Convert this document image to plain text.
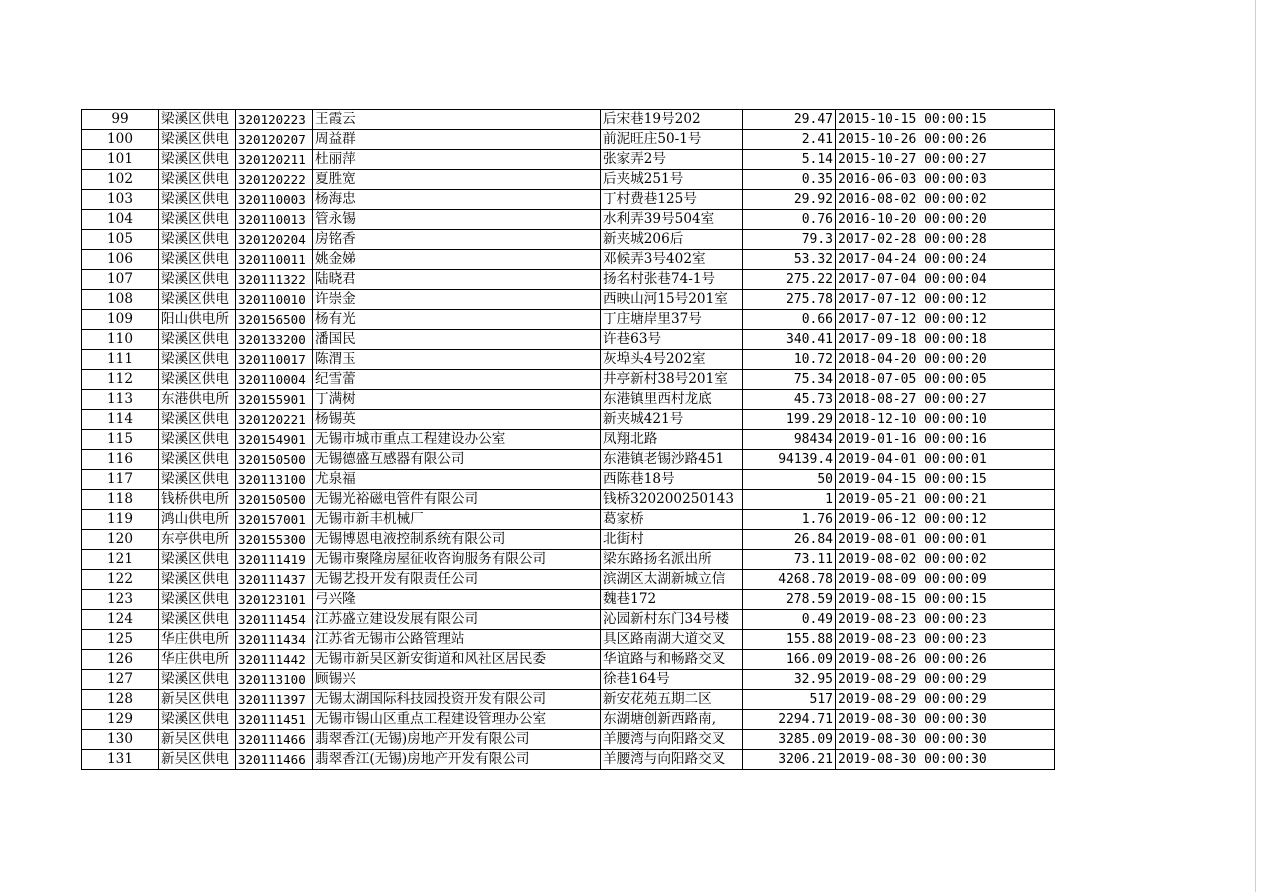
99	梁溪区供电	320120223	王霞云	后宋巷19号202	29.47	2015-10-15 00:00:15
100	梁溪区供电	320120207	周益群	前泥旺庄50-1号	2.41	2015-10-26 00:00:26
101	梁溪区供电	320120211	杜丽萍	张家弄2号	5.14	2015-10-27 00:00:27
102	梁溪区供电	320120222	夏胜宽	后夹城251号	0.35	2016-06-03 00:00:03
103	梁溪区供电	320110003	杨海忠	丁村费巷125号	29.92	2016-08-02 00:00:02
104	梁溪区供电	320110013	管永锡	水利弄39号504室	0.76	2016-10-20 00:00:20
105	梁溪区供电	320120204	房铭香	新夹城206后	79.3	2017-02-28 00:00:28
106	梁溪区供电	320110011	姚金娣	邓候弄3号402室	53.32	2017-04-24 00:00:24
107	梁溪区供电	320111322	陆晓君	扬名村张巷74-1号	275.22	2017-07-04 00:00:04
108	梁溪区供电	320110010	许崇金	西映山河15号201室	275.78	2017-07-12 00:00:12
109	阳山供电所	320156500	杨有光	丁庄塘岸里37号	0.66	2017-07-12 00:00:12
110	梁溪区供电	320133200	潘国民	许巷63号	340.41	2017-09-18 00:00:18
111	梁溪区供电	320110017	陈渭玉	灰埠头4号202室	10.72	2018-04-20 00:00:20
112	梁溪区供电	320110004	纪雪蕾	井亭新村38号201室	75.34	2018-07-05 00:00:05
113	东港供电所	320155901	丁满树	东港镇里西村龙底	45.73	2018-08-27 00:00:27
114	梁溪区供电	320120221	杨锡英	新夹城421号	199.29	2018-12-10 00:00:10
115	梁溪区供电	320154901	无锡市城市重点工程建设办公室	凤翔北路	98434	2019-01-16 00:00:16
116	梁溪区供电	320150500	无锡德盛互感器有限公司	东港镇老锡沙路451	94139.4	2019-04-01 00:00:01
117	梁溪区供电	320113100	尤泉福	西陈巷18号	50	2019-04-15 00:00:15
118	钱桥供电所	320150500	无锡光裕磁电管件有限公司	钱桥320200250143	1	2019-05-21 00:00:21
119	鸿山供电所	320157001	无锡市新丰机械厂	葛家桥	1.76	2019-06-12 00:00:12
120	东亭供电所	320155300	无锡博恩电液控制系统有限公司	北街村	26.84	2019-08-01 00:00:01
121	梁溪区供电	320111419	无锡市聚隆房屋征收咨询服务有限公司	梁东路扬名派出所	73.11	2019-08-02 00:00:02
122	梁溪区供电	320111437	无锡艺投开发有限责任公司	滨湖区太湖新城立信	4268.78	2019-08-09 00:00:09
123	梁溪区供电	320123101	弓兴隆	魏巷172	278.59	2019-08-15 00:00:15
124	梁溪区供电	320111454	江苏盛立建设发展有限公司	沁园新村东门34号楼	0.49	2019-08-23 00:00:23
125	华庄供电所	320111434	江苏省无锡市公路管理站	具区路南湖大道交叉	155.88	2019-08-23 00:00:23
126	华庄供电所	320111442	无锡市新吴区新安街道和风社区居民委	华谊路与和畅路交叉	166.09	2019-08-26 00:00:26
127	梁溪区供电	320113100	顾锡兴	徐巷164号	32.95	2019-08-29 00:00:29
128	新吴区供电	320111397	无锡太湖国际科技园投资开发有限公司	新安花苑五期二区	517	2019-08-29 00:00:29
129	梁溪区供电	320111451	无锡市锡山区重点工程建设管理办公室	东湖塘创新西路南,	2294.71	2019-08-30 00:00:30
130	新吴区供电	320111466	翡翠香江(无锡)房地产开发有限公司	羊腰湾与向阳路交叉	3285.09	2019-08-30 00:00:30
131	新吴区供电	320111466	翡翠香江(无锡)房地产开发有限公司	羊腰湾与向阳路交叉	3206.21	2019-08-30 00:00:30
